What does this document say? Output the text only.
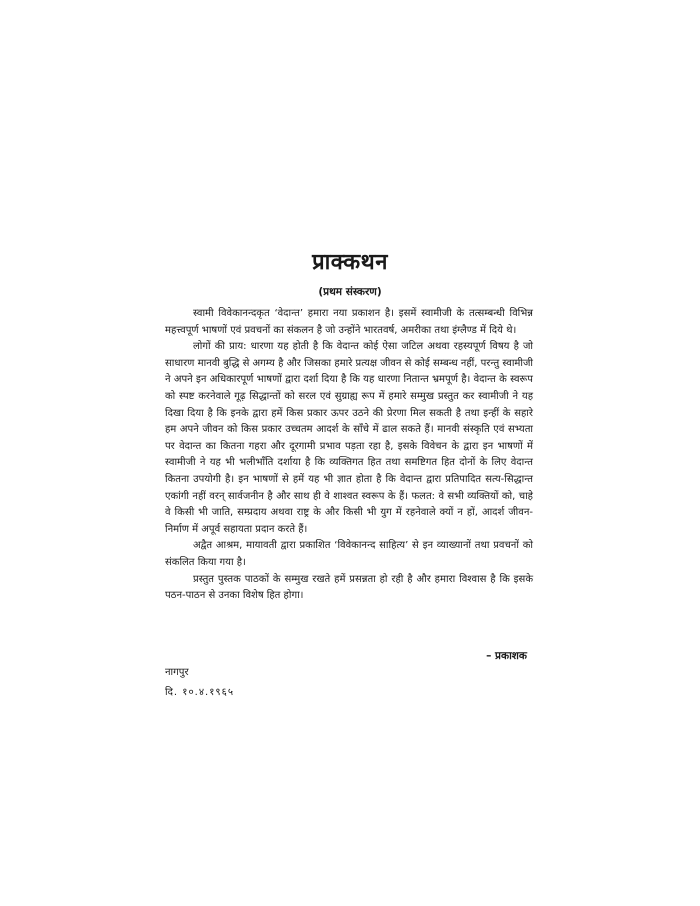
प्राक्कथन
(प्रथम संस्करण)

स्वामी विवेकानन्दकृत ‘वेदान्त’ हमारा नया प्रकाशन है। इसमें स्वामीजी के तत्सम्बन्धी विभिन्न महत्त्वपूर्ण भाषणों एवं प्रवचनों का संकलन है जो उन्होंने भारतवर्ष, अमरीका तथा इंग्लैण्ड में दिये थे।

लोगों की प्राय: धारणा यह होती है कि वेदान्त कोई ऐसा जटिल अथवा रहस्यपूर्ण विषय है जो साधारण मानवी बुद्धि से अगम्य है और जिसका हमारे प्रत्यक्ष जीवन से कोई सम्बन्ध नहीं, परन्तु स्वामीजी ने अपने इन अधिकारपूर्ण भाषणों द्वारा दर्शा दिया है कि यह धारणा नितान्त भ्रमपूर्ण है। वेदान्त के स्वरूप को स्पष्ट करनेवाले गूढ़ सिद्धान्तों को सरल एवं सुग्राह्य रूप में हमारे सम्मुख प्रस्तुत कर स्वामीजी ने यह दिखा दिया है कि इनके द्वारा हमें किस प्रकार ऊपर उठने की प्रेरणा मिल सकती है तथा इन्हीं के सहारे हम अपने जीवन को किस प्रकार उच्चतम आदर्श के साँचे में ढाल सकते हैं। मानवी संस्कृति एवं सभ्यता पर वेदान्त का कितना गहरा और दूरगामी प्रभाव पड़ता रहा है, इसके विवेचन के द्वारा इन भाषणों में स्वामीजी ने यह भी भलीभाँति दर्शाया है कि व्यक्तिगत हित तथा समष्टिगत हित दोनों के लिए वेदान्त कितना उपयोगी है। इन भाषणों से हमें यह भी ज्ञात होता है कि वेदान्त द्वारा प्रतिपादित सत्य-सिद्धान्त एकांगी नहीं वरन् सार्वजनीन है और साथ ही वे शाश्वत स्वरूप के हैं। फलत: वे सभी व्यक्तियों को, चाहे वे किसी भी जाति, सम्प्रदाय अथवा राष्ट्र के और किसी भी युग में रहनेवाले क्यों न हों, आदर्श जीवन-निर्माण में अपूर्व सहायता प्रदान करते हैं।

अद्वैत आश्रम, मायावती द्वारा प्रकाशित ‘विवेकानन्द साहित्य’ से इन व्याख्यानों तथा प्रवचनों को संकलित किया गया है।

प्रस्तुत पुस्तक पाठकों के सम्मुख रखते हमें प्रसन्नता हो रही है और हमारा विश्वास है कि इसके पठन-पाठन से उनका विशेष हित होगा।

– प्रकाशक
नागपुर
दि. १०.४.१९६५
